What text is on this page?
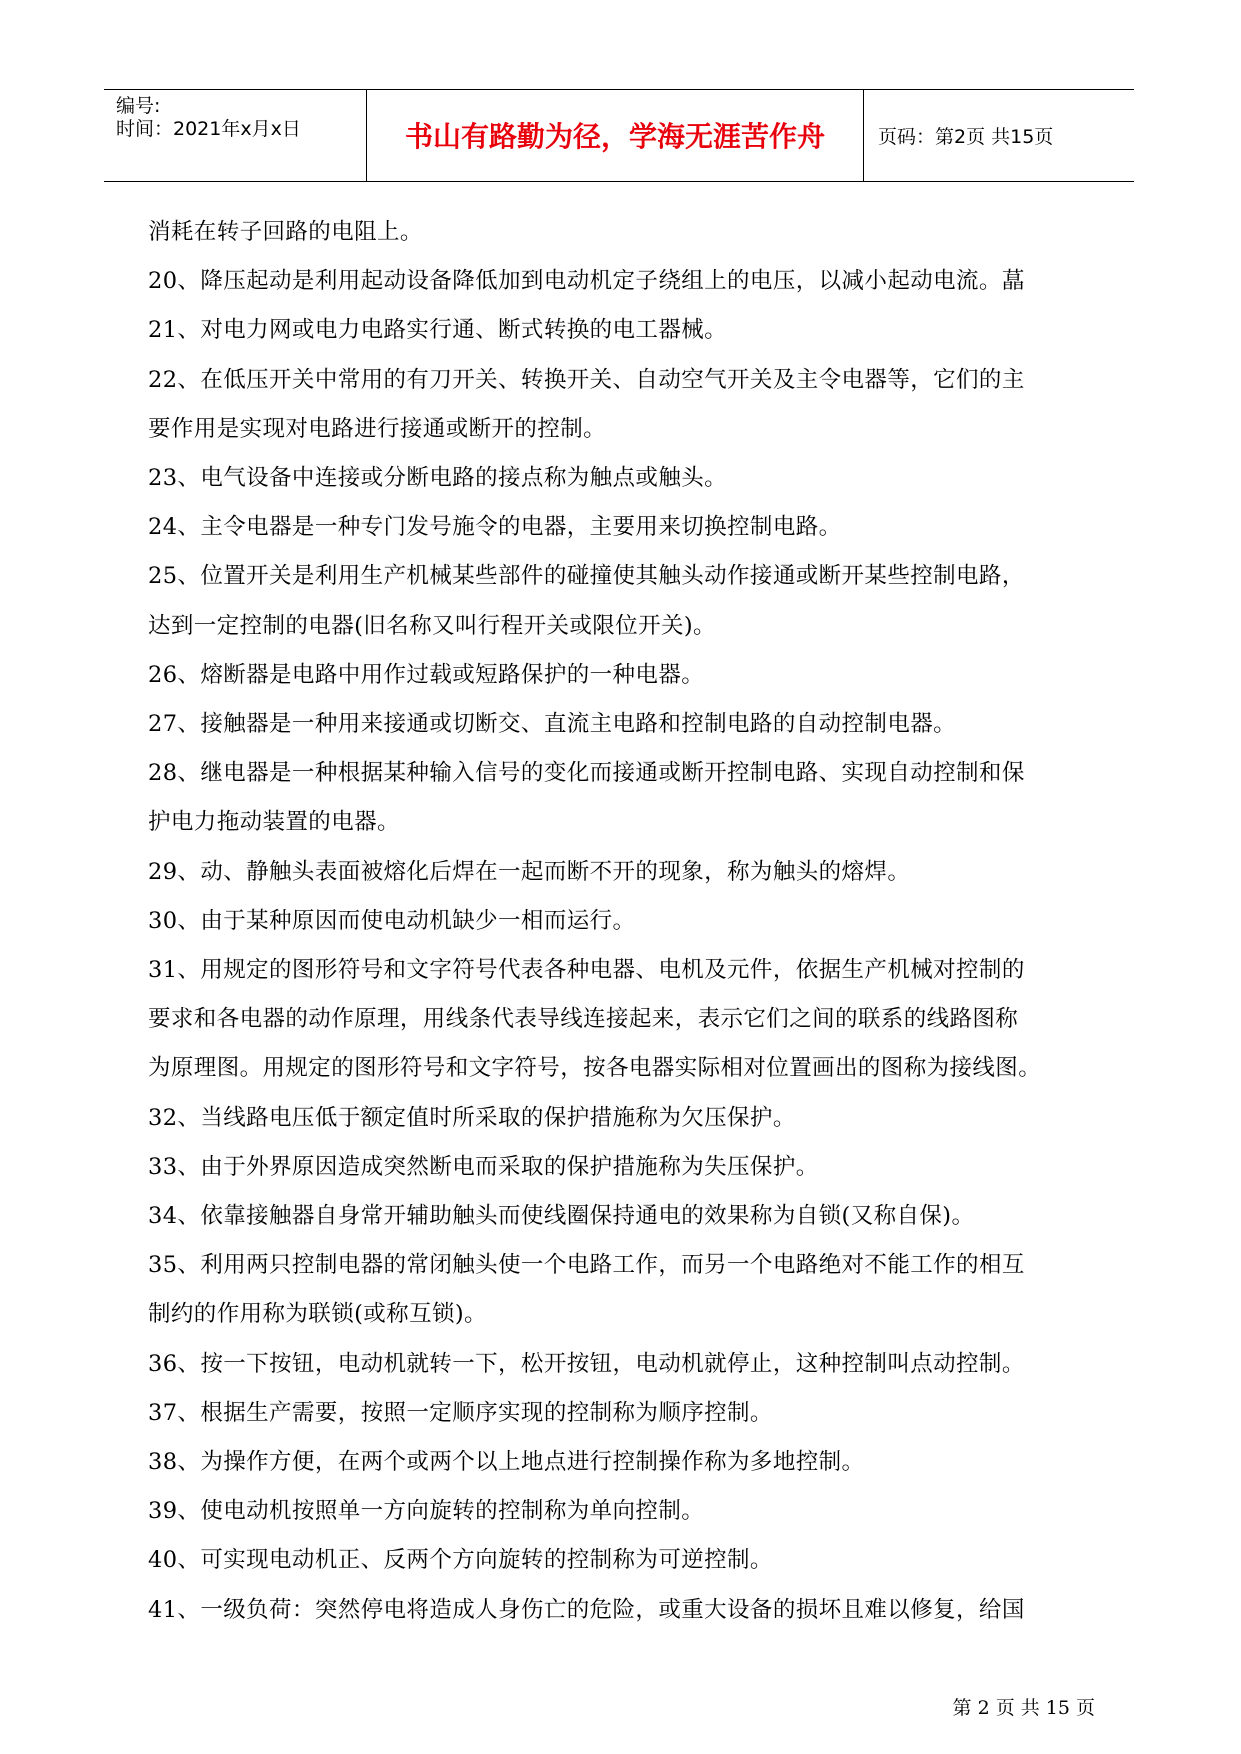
编号:
时间：2021年x月x日	书山有路勤为径，学海无涯苦作舟	页码：第2页 共15页
消耗在转子回路的电阻上。
20、降压起动是利用起动设备降低加到电动机定子绕组上的电压，以减小起动电流。蕌
21、对电力网或电力电路实行通、断式转换的电工器械。
22、在低压开关中常用的有刀开关、转换开关、自动空气开关及主令电器等，它们的主
要作用是实现对电路进行接通或断开的控制。
23、电气设备中连接或分断电路的接点称为触点或触头。
24、主令电器是一种专门发号施令的电器，主要用来切换控制电路。
25、位置开关是利用生产机械某些部件的碰撞使其触头动作接通或断开某些控制电路，
达到一定控制的电器(旧名称又叫行程开关或限位开关)。
26、熔断器是电路中用作过载或短路保护的一种电器。
27、接触器是一种用来接通或切断交、直流主电路和控制电路的自动控制电器。
28、继电器是一种根据某种输入信号的变化而接通或断开控制电路、实现自动控制和保
护电力拖动装置的电器。
29、动、静触头表面被熔化后焊在一起而断不开的现象，称为触头的熔焊。
30、由于某种原因而使电动机缺少一相而运行。
31、用规定的图形符号和文字符号代表各种电器、电机及元件，依据生产机械对控制的
要求和各电器的动作原理，用线条代表导线连接起来，表示它们之间的联系的线路图称
为原理图。用规定的图形符号和文字符号，按各电器实际相对位置画出的图称为接线图。
32、当线路电压低于额定值时所采取的保护措施称为欠压保护。
33、由于外界原因造成突然断电而采取的保护措施称为失压保护。
34、依靠接触器自身常开辅助触头而使线圈保持通电的效果称为自锁(又称自保)。
35、利用两只控制电器的常闭触头使一个电路工作，而另一个电路绝对不能工作的相互
制约的作用称为联锁(或称互锁)。
36、按一下按钮，电动机就转一下，松开按钮，电动机就停止，这种控制叫点动控制。
37、根据生产需要，按照一定顺序实现的控制称为顺序控制。
38、为操作方便，在两个或两个以上地点进行控制操作称为多地控制。
39、使电动机按照单一方向旋转的控制称为单向控制。
40、可实现电动机正、反两个方向旋转的控制称为可逆控制。
41、一级负荷：突然停电将造成人身伤亡的危险，或重大设备的损坏且难以修复，给国
第 2 页 共 15 页
